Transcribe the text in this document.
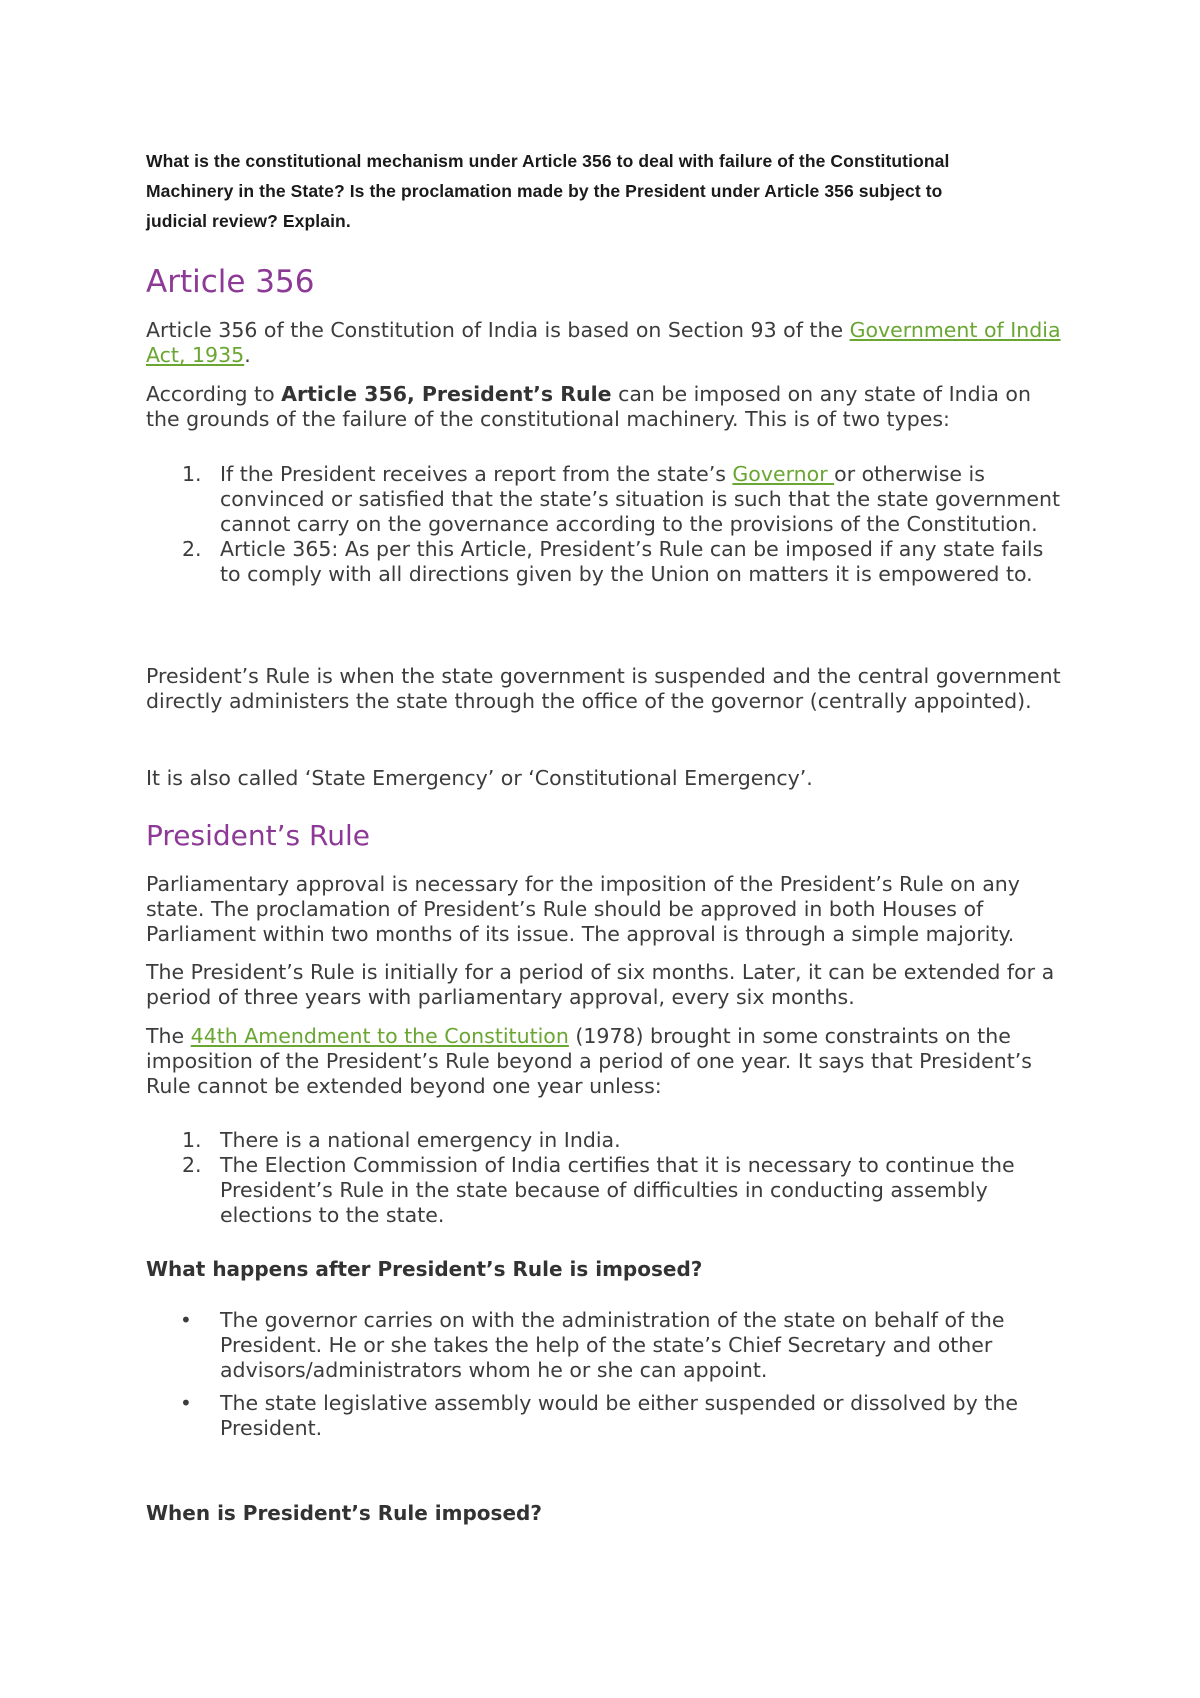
What is the constitutional mechanism under Article 356 to deal with failure of the Constitutional

Machinery in the State? Is the proclamation made by the President under Article 356 subject to

judicial review? Explain.

Article 356

Article 356 of the Constitution of India is based on Section 93 of the Government of India Act, 1935.

According to Article 356, President’s Rule can be imposed on any state of India on the grounds of the failure of the constitutional machinery. This is of two types:

1. If the President receives a report from the state’s Governor or otherwise is convinced or satisfied that the state’s situation is such that the state government cannot carry on the governance according to the provisions of the Constitution.
2. Article 365: As per this Article, President’s Rule can be imposed if any state fails to comply with all directions given by the Union on matters it is empowered to.

President’s Rule is when the state government is suspended and the central government directly administers the state through the office of the governor (centrally appointed).

It is also called ‘State Emergency’ or ‘Constitutional Emergency’.

President’s Rule

Parliamentary approval is necessary for the imposition of the President’s Rule on any state. The proclamation of President’s Rule should be approved in both Houses of Parliament within two months of its issue. The approval is through a simple majority.

The President’s Rule is initially for a period of six months. Later, it can be extended for a period of three years with parliamentary approval, every six months.

The 44th Amendment to the Constitution (1978) brought in some constraints on the imposition of the President’s Rule beyond a period of one year. It says that President’s Rule cannot be extended beyond one year unless:

1. There is a national emergency in India.
2. The Election Commission of India certifies that it is necessary to continue the President’s Rule in the state because of difficulties in conducting assembly elections to the state.
What happens after President’s Rule is imposed?
• The governor carries on with the administration of the state on behalf of the President. He or she takes the help of the state’s Chief Secretary and other advisors/administrators whom he or she can appoint.
• The state legislative assembly would be either suspended or dissolved by the President.
When is President’s Rule imposed?
